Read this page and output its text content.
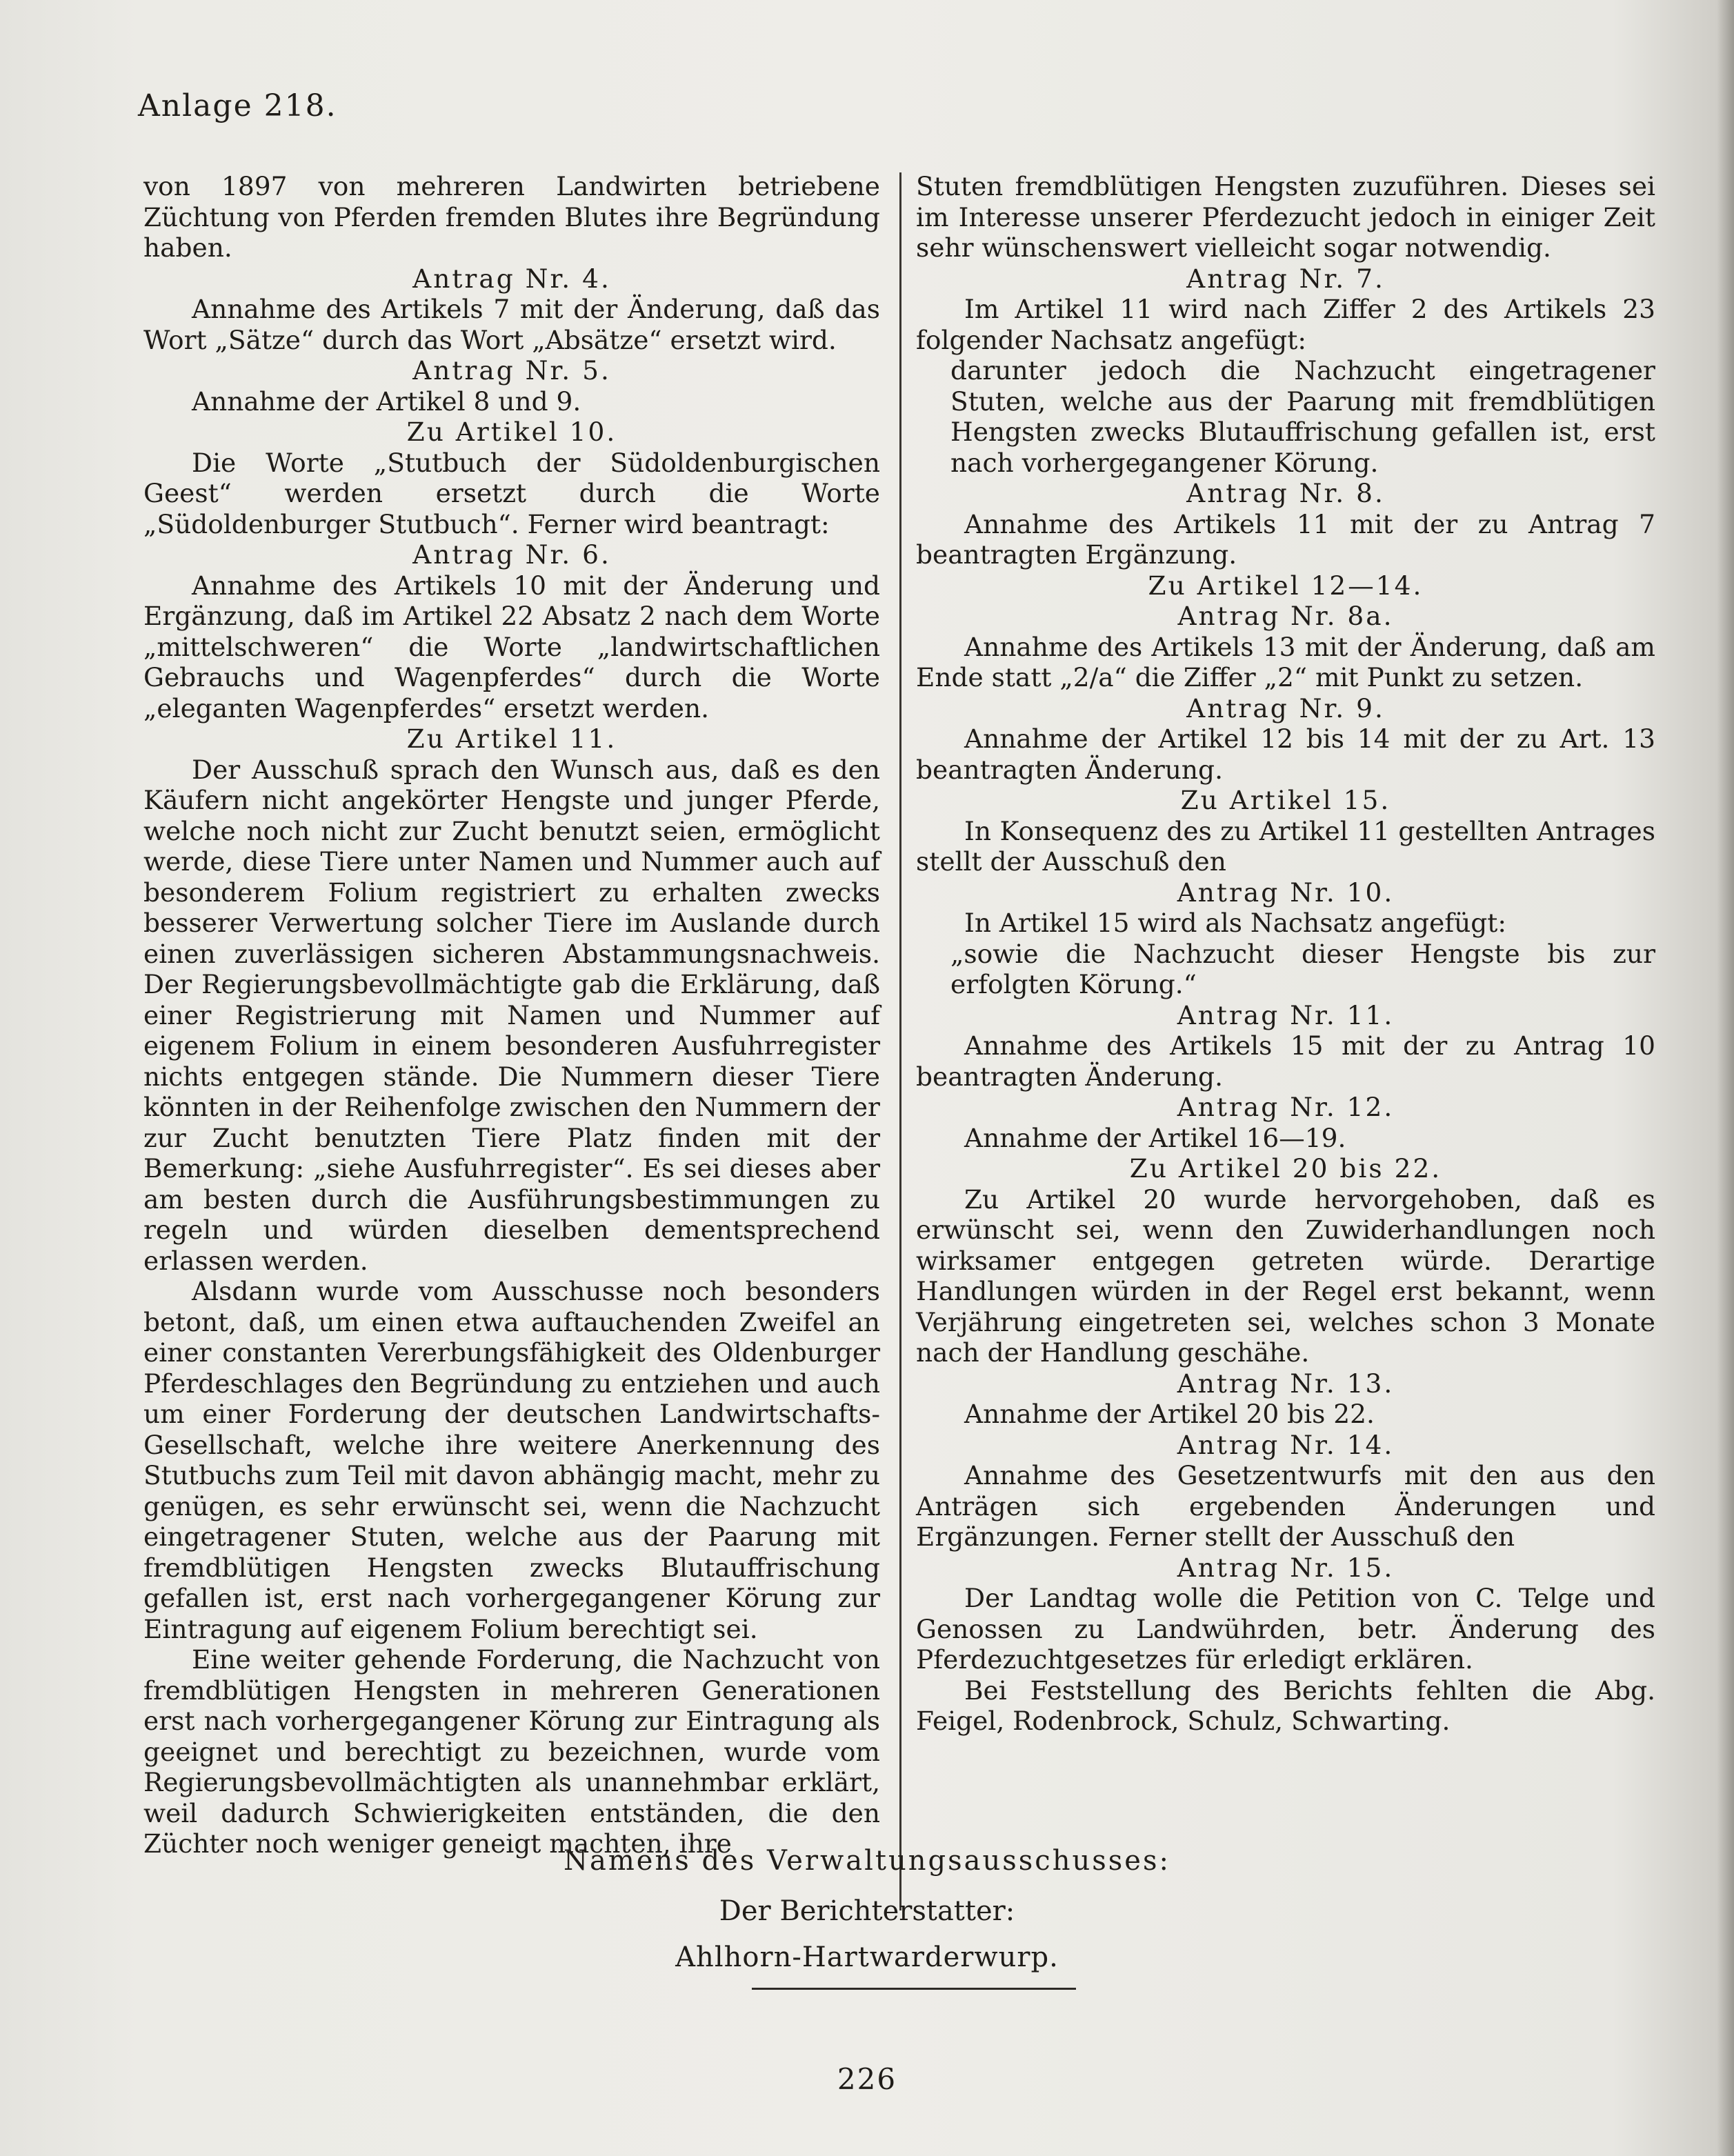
Anlage 218.

von 1897 von mehreren Landwirten betriebene Züchtung von Pferden fremden Blutes ihre Begründung haben.

Antrag Nr. 4.

Annahme des Artikels 7 mit der Änderung, daß das Wort „Sätze“ durch das Wort „Absätze“ ersetzt wird.

Antrag Nr. 5.

Annahme der Artikel 8 und 9.

Zu Artikel 10.

Die Worte „Stutbuch der Südoldenburgischen Geest“ werden ersetzt durch die Worte „Südoldenburger Stutbuch“. Ferner wird beantragt:

Antrag Nr. 6.

Annahme des Artikels 10 mit der Änderung und Ergänzung, daß im Artikel 22 Absatz 2 nach dem Worte „mittelschweren“ die Worte „landwirtschaftlichen Gebrauchs und Wagenpferdes“ durch die Worte „eleganten Wagenpferdes“ ersetzt werden.

Zu Artikel 11.

Der Ausschuß sprach den Wunsch aus, daß es den Käufern nicht angekörter Hengste und junger Pferde, welche noch nicht zur Zucht benutzt seien, ermöglicht werde, diese Tiere unter Namen und Nummer auch auf besonderem Folium registriert zu erhalten zwecks besserer Verwertung solcher Tiere im Auslande durch einen zuverlässigen sicheren Abstammungsnachweis. Der Regierungsbevollmächtigte gab die Erklärung, daß einer Registrierung mit Namen und Nummer auf eigenem Folium in einem besonderen Ausfuhrregister nichts entgegen stände. Die Nummern dieser Tiere könnten in der Reihenfolge zwischen den Nummern der zur Zucht benutzten Tiere Platz finden mit der Bemerkung: „siehe Ausfuhrregister“. Es sei dieses aber am besten durch die Ausführungsbestimmungen zu regeln und würden dieselben dementsprechend erlassen werden.

Alsdann wurde vom Ausschusse noch besonders betont, daß, um einen etwa auftauchenden Zweifel an einer constanten Vererbungsfähigkeit des Oldenburger Pferdeschlages den Begründung zu entziehen und auch um einer Forderung der deutschen Landwirtschafts-Gesellschaft, welche ihre weitere Anerkennung des Stutbuchs zum Teil mit davon abhängig macht, mehr zu genügen, es sehr erwünscht sei, wenn die Nachzucht eingetragener Stuten, welche aus der Paarung mit fremdblütigen Hengsten zwecks Blutauffrischung gefallen ist, erst nach vorhergegangener Körung zur Eintragung auf eigenem Folium berechtigt sei.

Eine weiter gehende Forderung, die Nachzucht von fremdblütigen Hengsten in mehreren Generationen erst nach vorhergegangener Körung zur Eintragung als geeignet und berechtigt zu bezeichnen, wurde vom Regierungsbevollmächtigten als unannehmbar erklärt, weil dadurch Schwierigkeiten entständen, die den Züchter noch weniger geneigt machten, ihre

Stuten fremdblütigen Hengsten zuzuführen. Dieses sei im Interesse unserer Pferdezucht jedoch in einiger Zeit sehr wünschenswert vielleicht sogar notwendig.

Antrag Nr. 7.

Im Artikel 11 wird nach Ziffer 2 des Artikels 23 folgender Nachsatz angefügt:

darunter jedoch die Nachzucht eingetragener Stuten, welche aus der Paarung mit fremdblütigen Hengsten zwecks Blutauffrischung gefallen ist, erst nach vorhergegangener Körung.

Antrag Nr. 8.

Annahme des Artikels 11 mit der zu Antrag 7 beantragten Ergänzung.

Zu Artikel 12—14.

Antrag Nr. 8a.

Annahme des Artikels 13 mit der Änderung, daß am Ende statt „2/a“ die Ziffer „2“ mit Punkt zu setzen.

Antrag Nr. 9.

Annahme der Artikel 12 bis 14 mit der zu Art. 13 beantragten Änderung.

Zu Artikel 15.

In Konsequenz des zu Artikel 11 gestellten Antrages stellt der Ausschuß den

Antrag Nr. 10.

In Artikel 15 wird als Nachsatz angefügt:

„sowie die Nachzucht dieser Hengste bis zur erfolgten Körung.“

Antrag Nr. 11.

Annahme des Artikels 15 mit der zu Antrag 10 beantragten Änderung.

Antrag Nr. 12.

Annahme der Artikel 16—19.

Zu Artikel 20 bis 22.

Zu Artikel 20 wurde hervorgehoben, daß es erwünscht sei, wenn den Zuwiderhandlungen noch wirksamer entgegen getreten würde. Derartige Handlungen würden in der Regel erst bekannt, wenn Verjährung eingetreten sei, welches schon 3 Monate nach der Handlung geschähe.

Antrag Nr. 13.

Annahme der Artikel 20 bis 22.

Antrag Nr. 14.

Annahme des Gesetzentwurfs mit den aus den Anträgen sich ergebenden Änderungen und Ergänzungen. Ferner stellt der Ausschuß den

Antrag Nr. 15.

Der Landtag wolle die Petition von C. Telge und Genossen zu Landwührden, betr. Änderung des Pferdezuchtgesetzes für erledigt erklären.

Bei Feststellung des Berichts fehlten die Abg. Feigel, Rodenbrock, Schulz, Schwarting.

Namens des Verwaltungsausschusses:
Der Berichterstatter:
Ahlhorn-Hartwarderwurp.
226
